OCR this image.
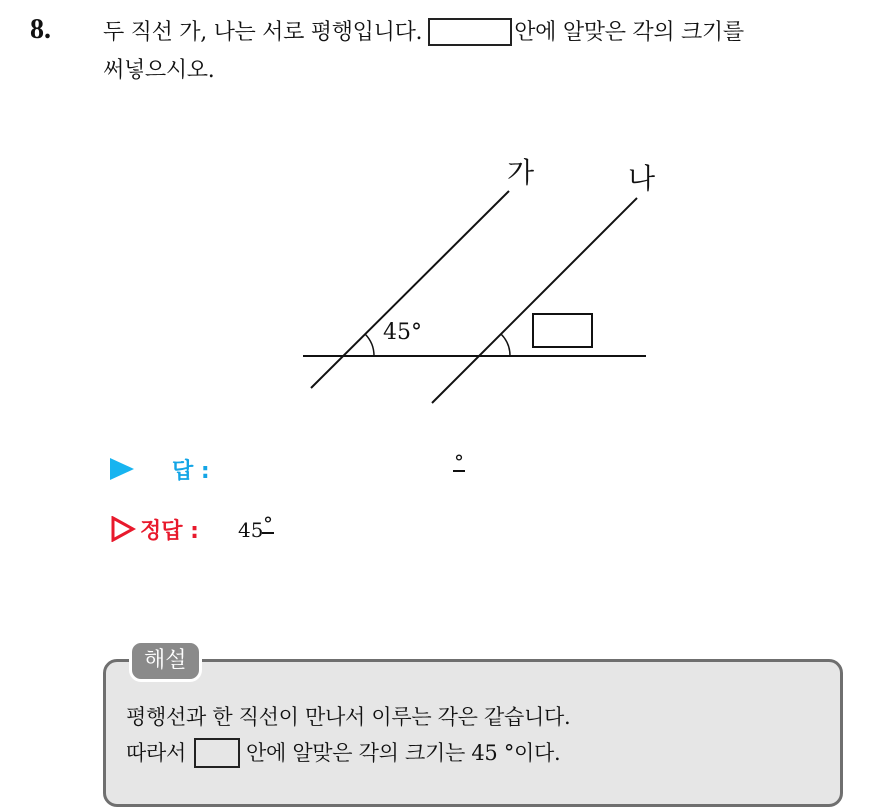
8. 두 직선 가, 나는 서로 평행입니다.	안에 알맞은 각의 크기를
써넣으시오.
가	나
45°
답 :	°
정답 : 45 °
해설
평행선과 한 직선이 만나서 이루는 각은 같습니다.
따라서	안에 알맞은 각의 크기는 45 °이다.
